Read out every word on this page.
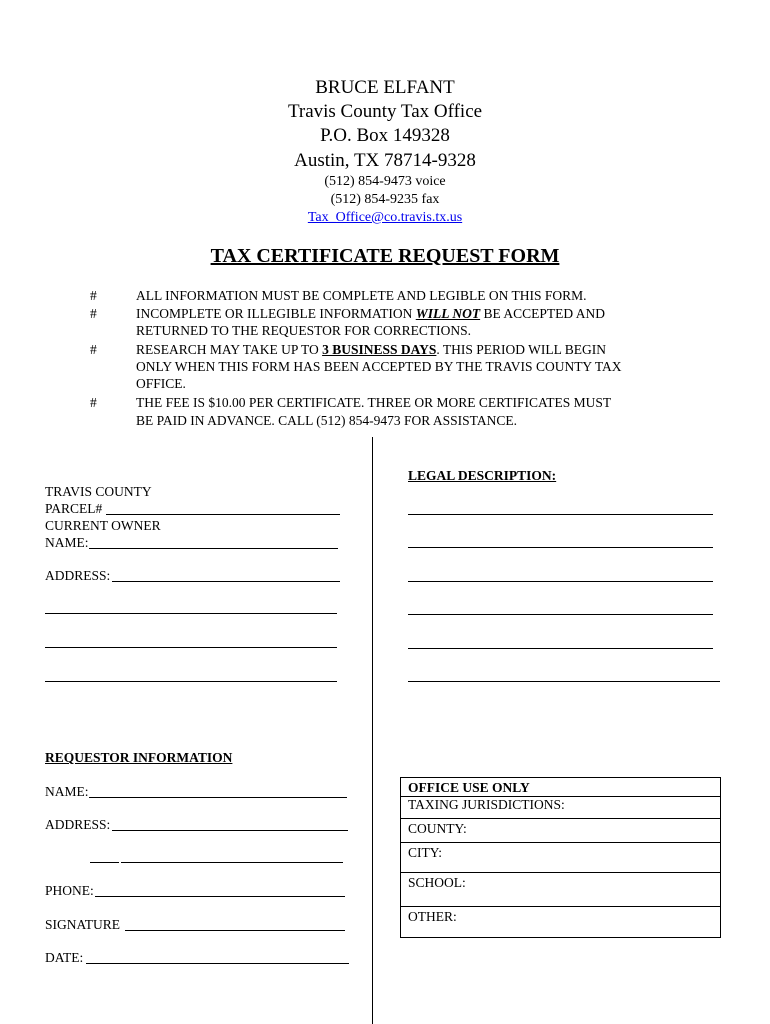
BRUCE ELFANT
Travis County Tax Office
P.O. Box 149328
Austin, TX 78714-9328
(512) 854-9473 voice
(512) 854-9235 fax
Tax_Office@co.travis.tx.us
TAX CERTIFICATE REQUEST FORM
#	ALL INFORMATION MUST BE COMPLETE AND LEGIBLE ON THIS FORM.
#	INCOMPLETE OR ILLEGIBLE INFORMATION WILL NOT BE ACCEPTED AND
RETURNED TO THE REQUESTOR FOR CORRECTIONS.
#	RESEARCH MAY TAKE UP TO 3 BUSINESS DAYS. THIS PERIOD WILL BEGIN
ONLY WHEN THIS FORM HAS BEEN ACCEPTED BY THE TRAVIS COUNTY TAX
OFFICE.
#	THE FEE IS $10.00 PER CERTIFICATE. THREE OR MORE CERTIFICATES MUST
BE PAID IN ADVANCE. CALL (512) 854-9473 FOR ASSISTANCE.
TRAVIS COUNTY
PARCEL#
CURRENT OWNER
NAME:
ADDRESS:
LEGAL DESCRIPTION:
REQUESTOR INFORMATION
NAME:
ADDRESS:
PHONE:
SIGNATURE
DATE:
OFFICE USE ONLY
TAXING JURISDICTIONS:
COUNTY:
CITY:
SCHOOL:
OTHER:
